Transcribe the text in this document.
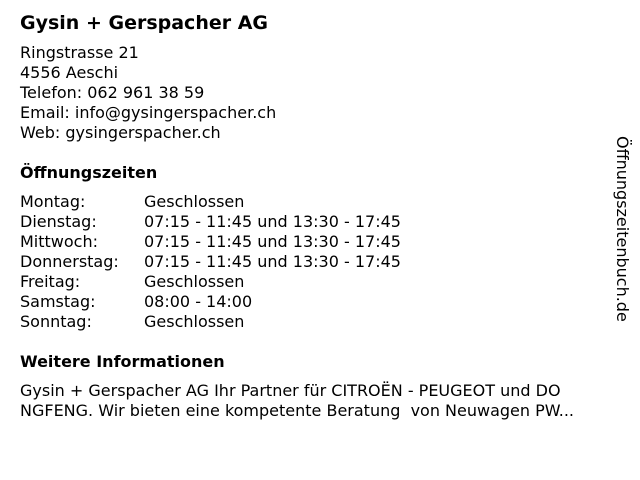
Gysin + Gerspacher AG
Ringstrasse 21
4556 Aeschi
Telefon: 062 961 38 59
Email: info@gysingerspacher.ch
Web: gysingerspacher.ch
Öffnungszeiten
Montag:	Geschlossen
Dienstag:	07:15 - 11:45 und 13:30 - 17:45
Mittwoch:	07:15 - 11:45 und 13:30 - 17:45
Donnerstag:	07:15 - 11:45 und 13:30 - 17:45
Freitag:	Geschlossen
Samstag:	08:00 - 14:00
Sonntag:	Geschlossen
Weitere Informationen
Gysin + Gerspacher AG Ihr Partner für CITROËN - PEUGEOT und DO
NGFENG. Wir bieten eine kompetente Beratung  von Neuwagen PW...
Öffnungszeitenbuch.de
